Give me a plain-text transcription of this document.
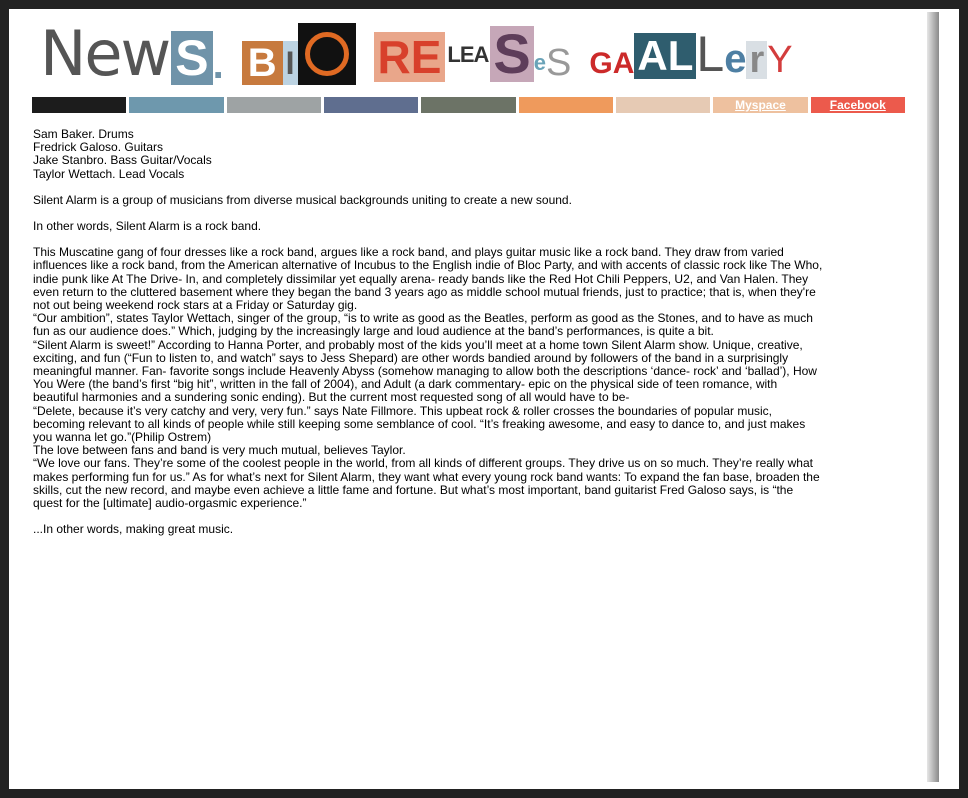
New S . B I RE LEA S e S GA AL L e r Y
Myspace	Facebook

Sam Baker. Drums

Fredrick Galoso. Guitars

Jake Stanbro. Bass Guitar/Vocals

Taylor Wettach. Lead Vocals

Silent Alarm is a group of musicians from diverse musical backgrounds uniting to create a new sound.

In other words, Silent Alarm is a rock band.

This Muscatine gang of four dresses like a rock band, argues like a rock band, and plays guitar music like a rock band. They draw from varied influences like a rock band, from the American alternative of Incubus to the English indie of Bloc Party, and with accents of classic rock like The Who, indie punk like At The Drive- In, and completely dissimilar yet equally arena- ready bands like the Red Hot Chili Peppers, U2, and Van Halen. They even return to the cluttered basement where they began the band 3 years ago as middle school mutual friends, just to practice; that is, when they're not out being weekend rock stars at a Friday or Saturday gig.

“Our ambition”, states Taylor Wettach, singer of the group, “is to write as good as the Beatles, perform as good as the Stones, and to have as much fun as our audience does.” Which, judging by the increasingly large and loud audience at the band’s performances, is quite a bit.

“Silent Alarm is sweet!” According to Hanna Porter, and probably most of the kids you’ll meet at a home town Silent Alarm show. Unique, creative, exciting, and fun (“Fun to listen to, and watch” says to Jess Shepard) are other words bandied around by followers of the band in a surprisingly meaningful manner. Fan- favorite songs include Heavenly Abyss (somehow managing to allow both the descriptions ‘dance- rock’ and ‘ballad’), How You Were (the band’s first “big hit”, written in the fall of 2004), and Adult (a dark commentary- epic on the physical side of teen romance, with beautiful harmonies and a sundering sonic ending). But the current most requested song of all would have to be-

“Delete, because it’s very catchy and very, very fun.” says Nate Fillmore. This upbeat rock & roller crosses the boundaries of popular music, becoming relevant to all kinds of people while still keeping some semblance of cool. “It’s freaking awesome, and easy to dance to, and just makes you wanna let go.”(Philip Ostrem)

The love between fans and band is very much mutual, believes Taylor.

“We love our fans. They’re some of the coolest people in the world, from all kinds of different groups. They drive us on so much. They’re really what makes performing fun for us.” As for what’s next for Silent Alarm, they want what every young rock band wants: To expand the fan base, broaden the skills, cut the new record, and maybe even achieve a little fame and fortune. But what’s most important, band guitarist Fred Galoso says, is “the quest for the [ultimate] audio-orgasmic experience.”

...In other words, making great music.
